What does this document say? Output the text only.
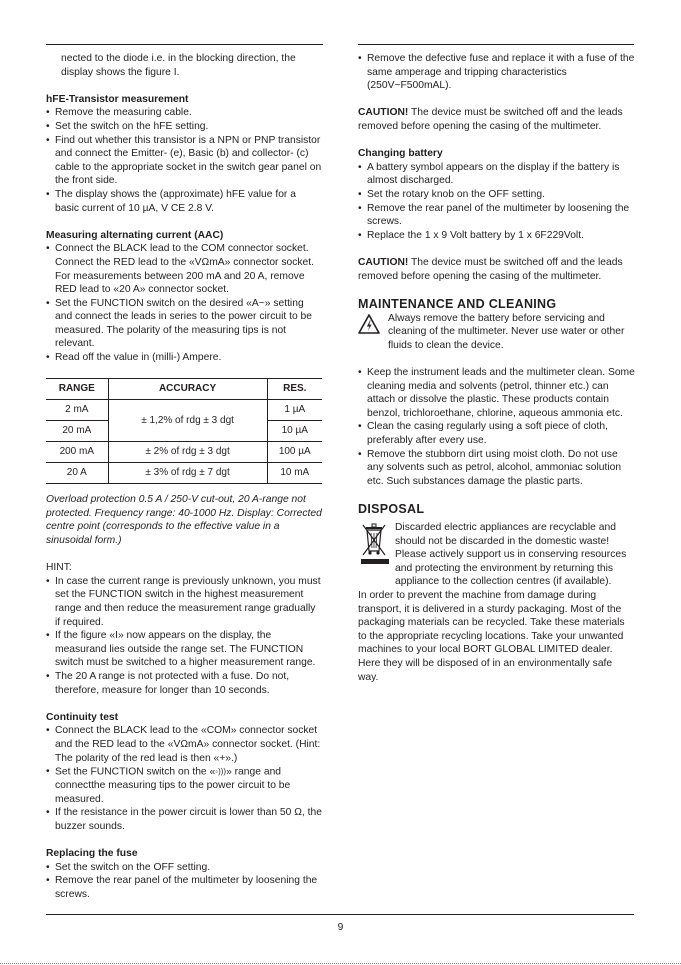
nected to the diode i.e. in the blocking direction, the display shows the figure I.

hFE-Transistor measurement
• Remove the measuring cable.
• Set the switch on the hFE setting.
• Find out whether this transistor is a NPN or PNP transistor and connect the Emitter- (e), Basic (b) and collector- (c) cable to the appropriate socket in the switch gear panel on the front side.
• The display shows the (approximate) hFE value for a basic current of 10 µA, V CE 2.8 V.
Measuring alternating current (AAC)
• Connect the BLACK lead to the COM connector socket. Connect the RED lead to the «VΩmA» connector socket. For measurements between 200 mA and 20 A, remove RED lead to «20 A» connector socket.
• Set the FUNCTION switch on the desired «A~» setting and connect the leads in series to the power circuit to be measured. The polarity of the measuring tips is not relevant.
• Read off the value in (milli-) Ampere.
RANGE	ACCURACY	RES.
2 mA	± 1,2% of rdg ± 3 dgt	1 µA
20 mA		10 µA
200 mA	± 2% of rdg ± 3 dgt	100 µA
20 A	± 3% of rdg ± 7 dgt	10 mA

Overload protection 0.5 A / 250-V cut-out, 20 A-range not protected. Frequency range: 40-1000 Hz. Display: Corrected centre point (corresponds to the effective value in a sinusoidal form.)

HINT:

• In case the current range is previously unknown, you must set the FUNCTION switch in the highest measurement range and then reduce the measurement range gradually if required.
• If the figure «I» now appears on the display, the measurand lies outside the range set. The FUNCTION switch must be switched to a higher measurement range.
• The 20 A range is not protected with a fuse. Do not, therefore, measure for longer than 10 seconds.
Continuity test
• Connect the BLACK lead to the «COM» connector socket and the RED lead to the «VΩmA» connector socket. (Hint: The polarity of the red lead is then «+».)
• Set the FUNCTION switch on the «◦)))» range and connectthe measuring tips to the power circuit to be measured.
• If the resistance in the power circuit is lower than 50 Ω, the buzzer sounds.
Replacing the fuse
• Set the switch on the OFF setting.
• Remove the rear panel of the multimeter by loosening the screws.
• Remove the defective fuse and replace it with a fuse of the same amperage and tripping characteristics (250V~F500mAL).

CAUTION! The device must be switched off and the leads removed before opening the casing of the multimeter.

Changing battery
• A battery symbol appears on the display if the battery is almost discharged.
• Set the rotary knob on the OFF setting.
• Remove the rear panel of the multimeter by loosening the screws.
• Replace the 1 x 9 Volt battery by 1 x 6F229Volt.

CAUTION! The device must be switched off and the leads removed before opening the casing of the multimeter.

MAINTENANCE AND CLEANING

Always remove the battery before servicing and cleaning of the multimeter. Never use water or other fluids to clean the device.

• Keep the instrument leads and the multimeter clean. Some cleaning media and solvents (petrol, thinner etc.) can attach or dissolve the plastic. These products contain benzol, trichloroethane, chlorine, aqueous ammonia etc.
• Clean the casing regularly using a soft piece of cloth, preferably after every use.
• Remove the stubborn dirt using moist cloth. Do not use any solvents such as petrol, alcohol, ammoniac solution etc. Such substances damage the plastic parts.
DISPOSAL

Discarded electric appliances are recyclable and should not be discarded in the domestic waste! Please actively support us in conserving resources and protecting the environment by returning this appliance to the collection centres (if available).

In order to prevent the machine from damage during transport, it is delivered in a sturdy packaging. Most of the packaging materials can be recycled. Take these materials to the appropriate recycling locations. Take your unwanted machines to your local BORT GLOBAL LIMITED dealer. Here they will be disposed of in an environmentally safe way.

9
